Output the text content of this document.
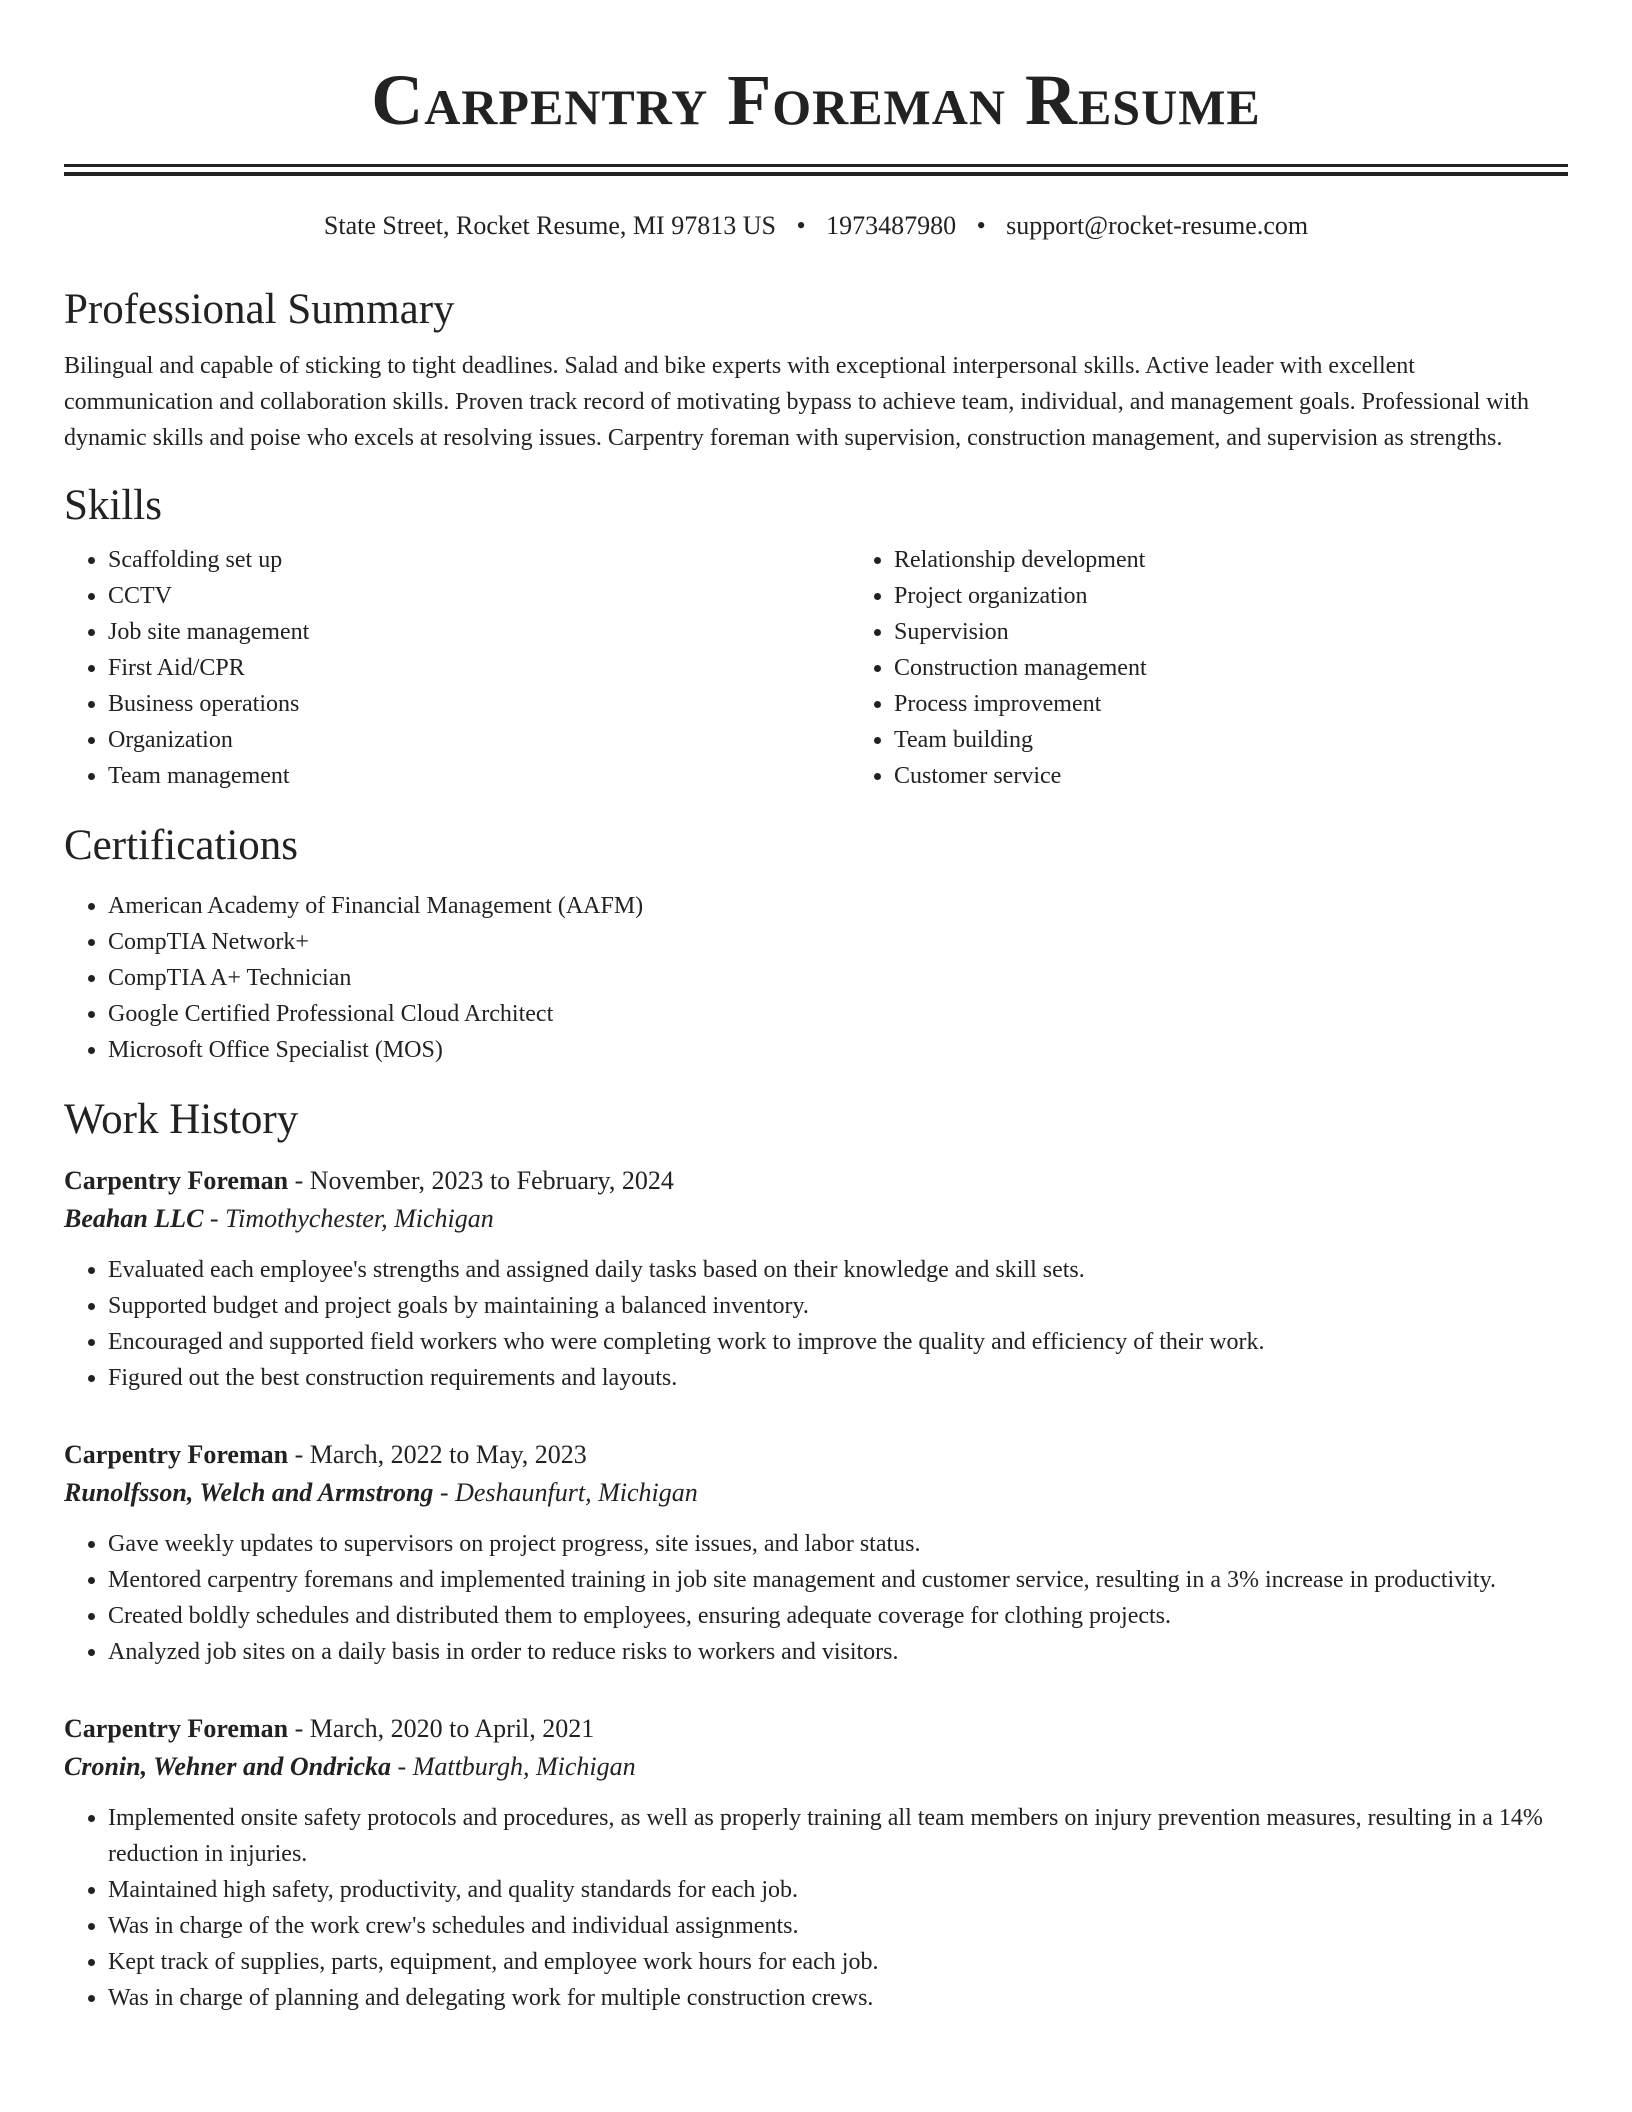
Carpentry Foreman Resume
State Street, Rocket Resume, MI 97813 US • 1973487980 • support@rocket-resume.com
Professional Summary
Bilingual and capable of sticking to tight deadlines. Salad and bike experts with exceptional interpersonal skills. Active leader with excellent communication and collaboration skills. Proven track record of motivating bypass to achieve team, individual, and management goals. Professional with dynamic skills and poise who excels at resolving issues. Carpentry foreman with supervision, construction management, and supervision as strengths.
Skills
• Scaffolding set up
• CCTV
• Job site management
• First Aid/CPR
• Business operations
• Organization
• Team management
• Relationship development
• Project organization
• Supervision
• Construction management
• Process improvement
• Team building
• Customer service
Certifications
• American Academy of Financial Management (AAFM)
• CompTIA Network+
• CompTIA A+ Technician
• Google Certified Professional Cloud Architect
• Microsoft Office Specialist (MOS)
Work History
Carpentry Foreman - November, 2023 to February, 2024
Beahan LLC - Timothychester, Michigan
• Evaluated each employee's strengths and assigned daily tasks based on their knowledge and skill sets.
• Supported budget and project goals by maintaining a balanced inventory.
• Encouraged and supported field workers who were completing work to improve the quality and efficiency of their work.
• Figured out the best construction requirements and layouts.
Carpentry Foreman - March, 2022 to May, 2023
Runolfsson, Welch and Armstrong - Deshaunfurt, Michigan
• Gave weekly updates to supervisors on project progress, site issues, and labor status.
• Mentored carpentry foremans and implemented training in job site management and customer service, resulting in a 3% increase in productivity.
• Created boldly schedules and distributed them to employees, ensuring adequate coverage for clothing projects.
• Analyzed job sites on a daily basis in order to reduce risks to workers and visitors.
Carpentry Foreman - March, 2020 to April, 2021
Cronin, Wehner and Ondricka - Mattburgh, Michigan
• Implemented onsite safety protocols and procedures, as well as properly training all team members on injury prevention measures, resulting in a 14% reduction in injuries.
• Maintained high safety, productivity, and quality standards for each job.
• Was in charge of the work crew's schedules and individual assignments.
• Kept track of supplies, parts, equipment, and employee work hours for each job.
• Was in charge of planning and delegating work for multiple construction crews.
